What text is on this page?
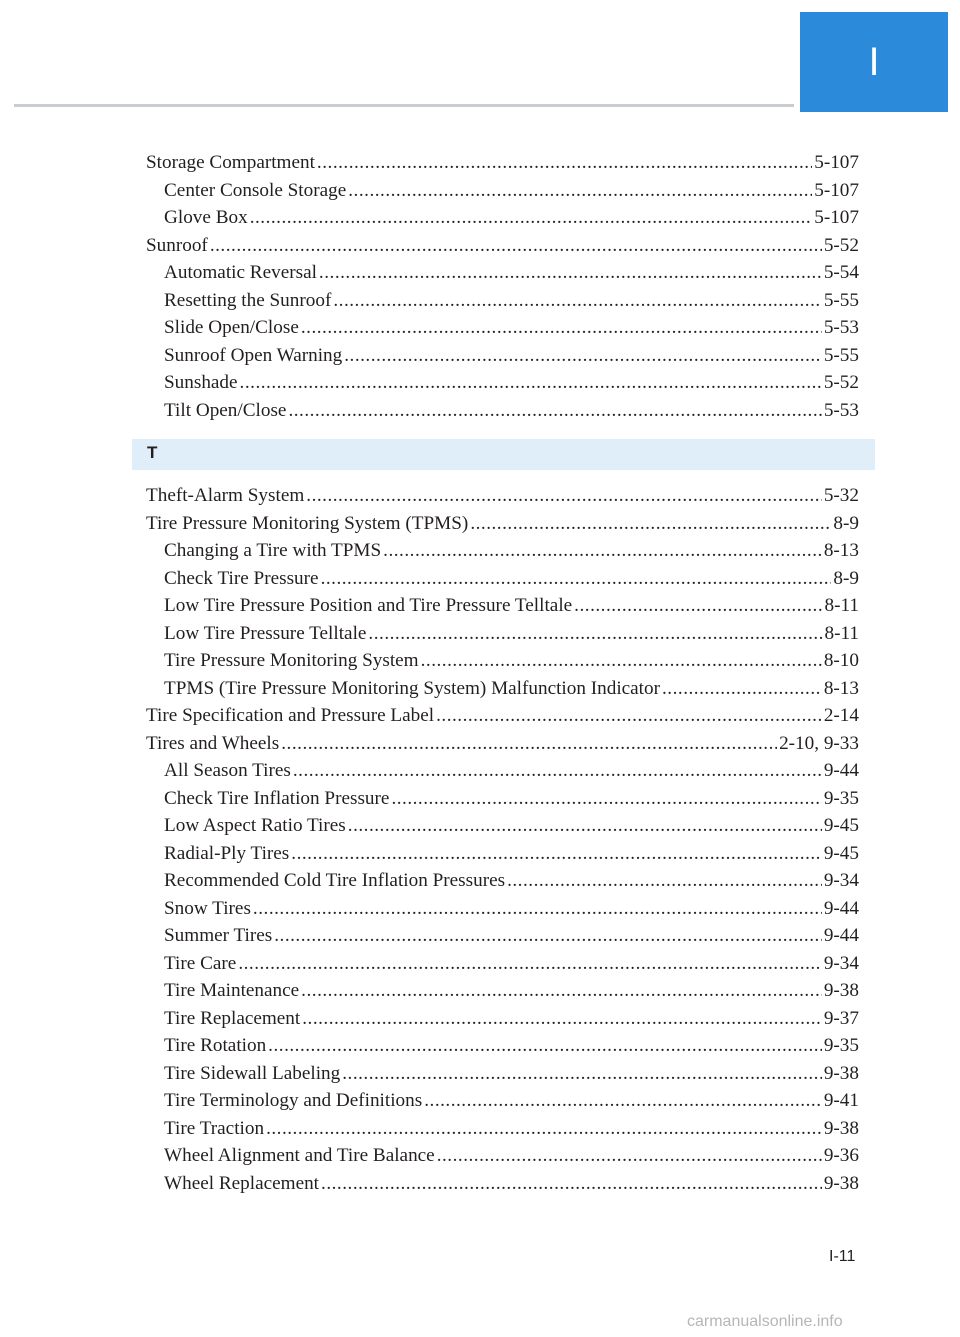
I
Storage Compartment .....	5-107
Center Console Storage .....	5-107
Glove Box .....	5-107
Sunroof .....	5-52
Automatic Reversal .....	5-54
Resetting the Sunroof .....	5-55
Slide Open/Close .....	5-53
Sunroof Open Warning .....	5-55
Sunshade .....	5-52
Tilt Open/Close .....	5-53
T
Theft-Alarm System .....	5-32
Tire Pressure Monitoring System (TPMS) .....	8-9
Changing a Tire with TPMS .....	8-13
Check Tire Pressure .....	8-9
Low Tire Pressure Position and Tire Pressure Telltale .....	8-11
Low Tire Pressure Telltale .....	8-11
Tire Pressure Monitoring System .....	8-10
TPMS (Tire Pressure Monitoring System) Malfunction Indicator .....	8-13
Tire Specification and Pressure Label .....	2-14
Tires and Wheels .....	2-10, 9-33
All Season Tires .....	9-44
Check Tire Inflation Pressure .....	9-35
Low Aspect Ratio Tires .....	9-45
Radial-Ply Tires .....	9-45
Recommended Cold Tire Inflation Pressures .....	9-34
Snow Tires .....	9-44
Summer Tires .....	9-44
Tire Care .....	9-34
Tire Maintenance .....	9-38
Tire Replacement .....	9-37
Tire Rotation .....	9-35
Tire Sidewall Labeling .....	9-38
Tire Terminology and Definitions .....	9-41
Tire Traction .....	9-38
Wheel Alignment and Tire Balance .....	9-36
Wheel Replacement .....	9-38
I-11
carmanualsonline.info
